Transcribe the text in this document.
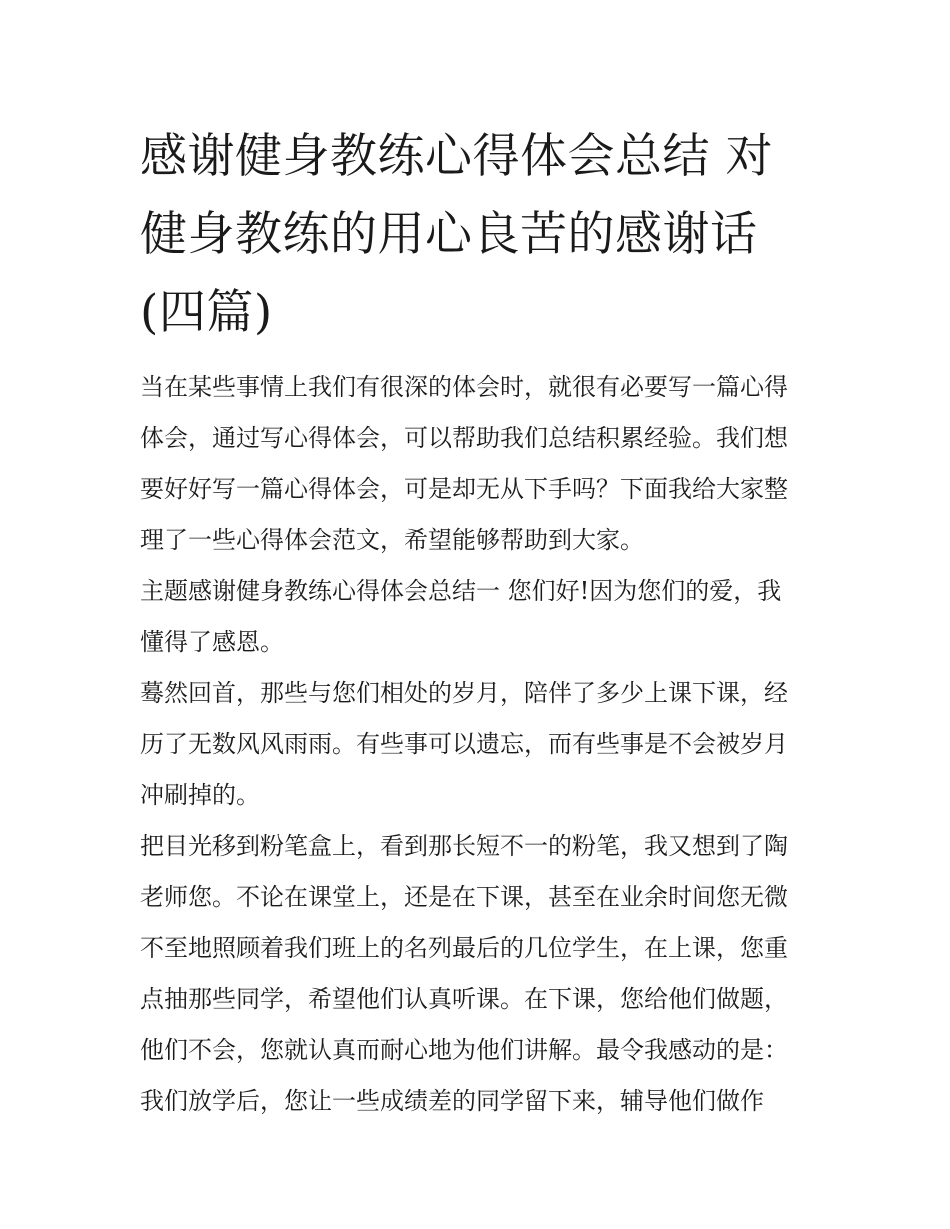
感谢健身教练心得体会总结 对
健身教练的用心良苦的感谢话
(四篇)

当在某些事情上我们有很深的体会时，就很有必要写一篇心得
体会，通过写心得体会，可以帮助我们总结积累经验。我们想
要好好写一篇心得体会，可是却无从下手吗？下面我给大家整
理了一些心得体会范文，希望能够帮助到大家。

主题感谢健身教练心得体会总结一 您们好!因为您们的爱，我
懂得了感恩。

蓦然回首，那些与您们相处的岁月，陪伴了多少上课下课，经
历了无数风风雨雨。有些事可以遗忘，而有些事是不会被岁月
冲刷掉的。

把目光移到粉笔盒上，看到那长短不一的粉笔，我又想到了陶
老师您。不论在课堂上，还是在下课，甚至在业余时间您无微
不至地照顾着我们班上的名列最后的几位学生，在上课，您重
点抽那些同学，希望他们认真听课。在下课，您给他们做题，
他们不会，您就认真而耐心地为他们讲解。最令我感动的是：
我们放学后，您让一些成绩差的同学留下来，辅导他们做作
